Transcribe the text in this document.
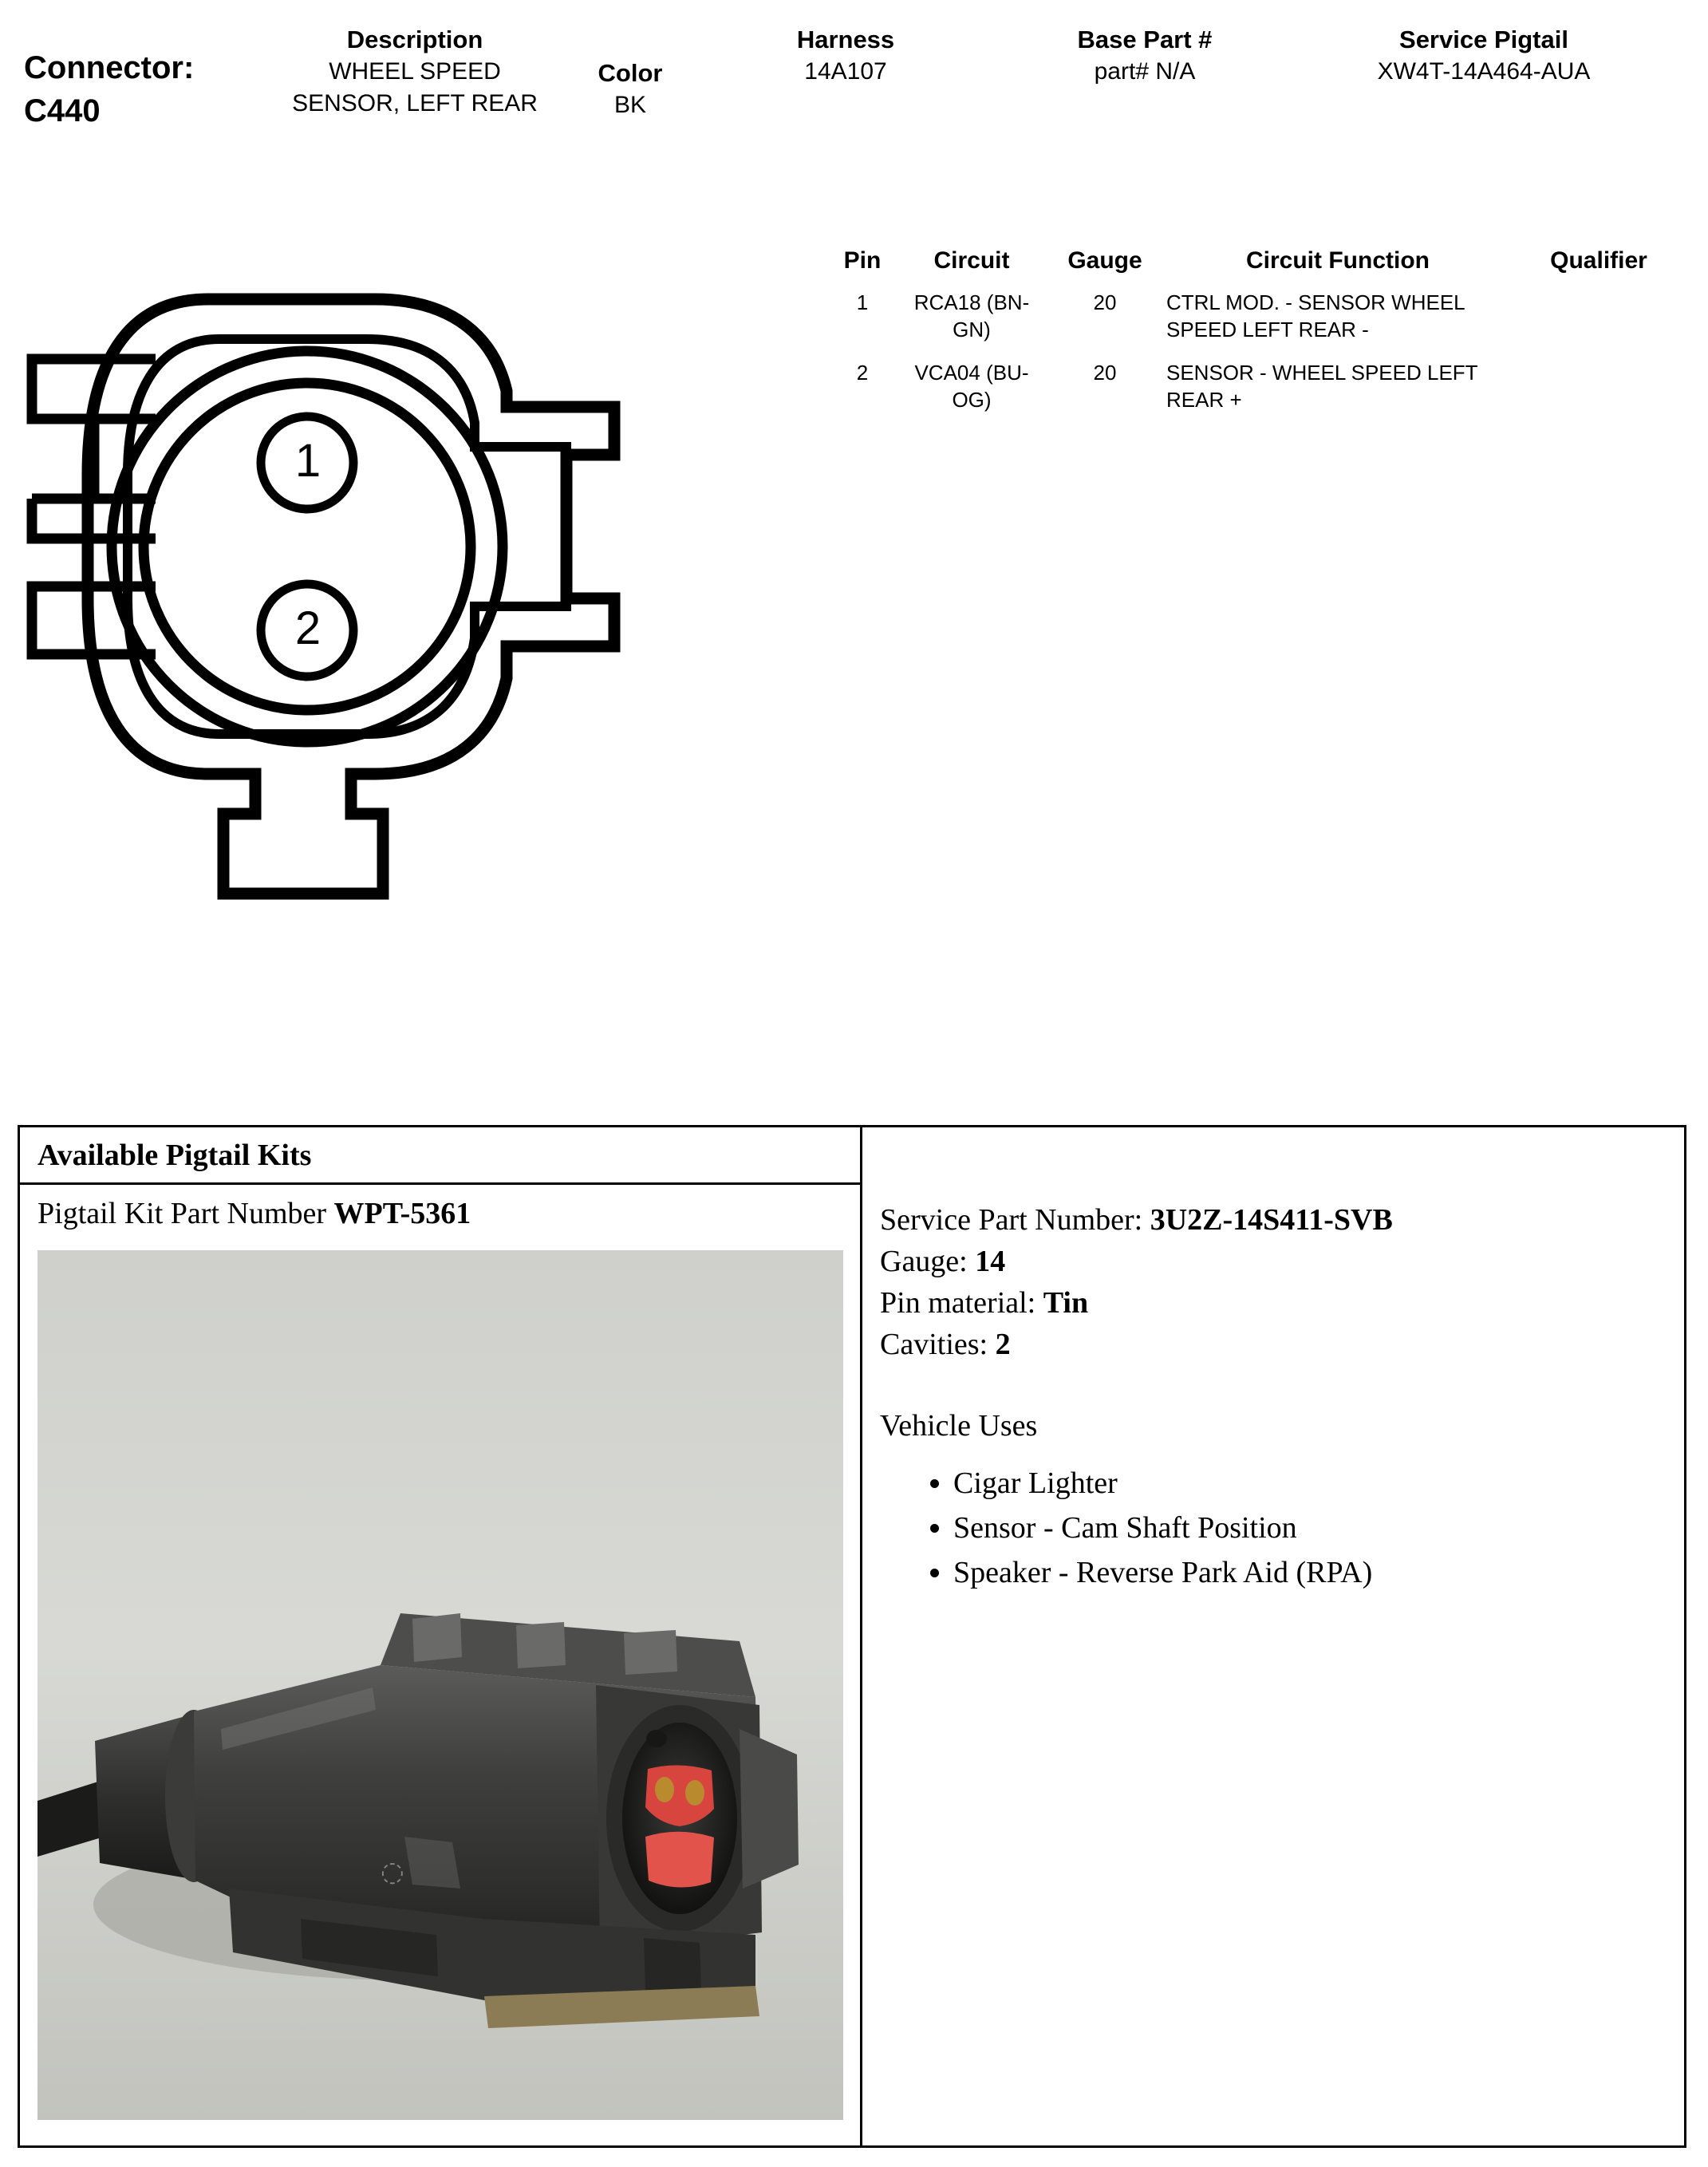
Connector:
C440
Description
WHEEL SPEED SENSOR, LEFT REAR
Color
BK
Harness
14A107
Base Part #
part# N/A
Service Pigtail
XW4T-14A464-AUA
Pin	Circuit	Gauge	Circuit Function	Qualifier
1	RCA18 (BN-GN)	20	CTRL MOD. - SENSOR WHEEL SPEED LEFT REAR -	
2	VCA04 (BU-OG)	20	SENSOR - WHEEL SPEED LEFT REAR +	
1
2
Available Pigtail Kits
Pigtail Kit Part Number WPT-5361
◌
Service Part Number: 3U2Z-14S411-SVB
Gauge: 14
Pin material: Tin
Cavities: 2
Vehicle Uses
• Cigar Lighter
• Sensor - Cam Shaft Position
• Speaker - Reverse Park Aid (RPA)
